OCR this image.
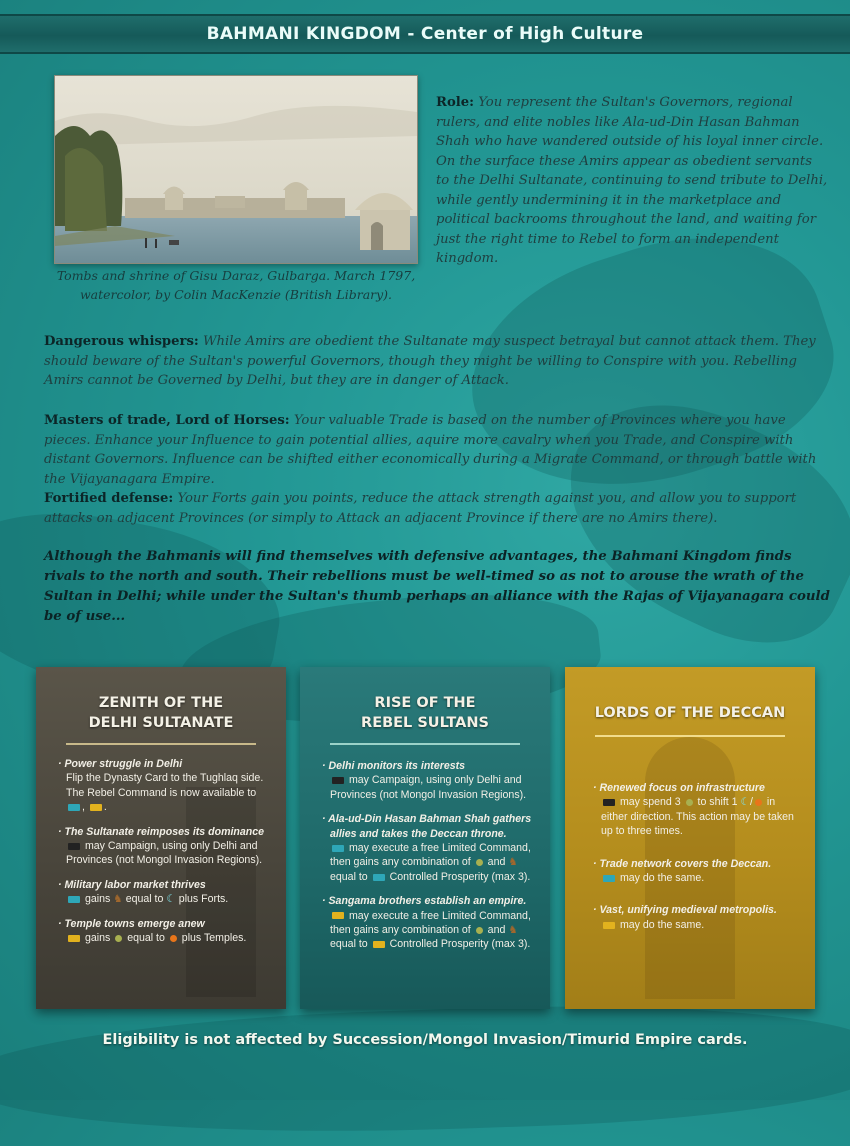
BAHMANI KINGDOM - Center of High Culture
Tombs and shrine of Gisu Daraz, Gulbarga. March 1797,
watercolor, by Colin MacKenzie (British Library).
Role: You represent the Sultan's Governors, regional rulers, and elite nobles like Ala-ud-Din Hasan Bahman Shah who have wandered outside of his loyal inner circle. On the surface these Amirs appear as obedient servants to the Delhi Sultanate, continuing to send tribute to Delhi, while gently undermining it in the marketplace and political backrooms throughout the land, and waiting for just the right time to Rebel to form an independent kingdom.
Dangerous whispers: While Amirs are obedient the Sultanate may suspect betrayal but cannot attack them. They should beware of the Sultan's powerful Governors, though they might be willing to Conspire with you. Rebelling Amirs cannot be Governed by Delhi, but they are in danger of Attack.
Masters of trade, Lord of Horses: Your valuable Trade is based on the number of Provinces where you have pieces. Enhance your Influence to gain potential allies, aquire more cavalry when you Trade, and Conspire with distant Governors. Influence can be shifted either economically during a Migrate Command, or through battle with the Vijayanagara Empire.
Fortified defense: Your Forts gain you points, reduce the attack strength against you, and allow you to support attacks on adjacent Provinces (or simply to Attack an adjacent Province if there are no Amirs there).
Although the Bahmanis will find themselves with defensive advantages, the Bahmani Kingdom finds rivals to the north and south. Their rebellions must be well-timed so as not to arouse the wrath of the Sultan in Delhi; while under the Sultan's thumb perhaps an alliance with the Rajas of Vijayanagara could be of use...
ZENITH OF THE
DELHI SULTANATE
· Power struggle in Delhi
Flip the Dynasty Card to the Tughlaq side.
The Rebel Command is now available to , .
· The Sultanate reimposes its dominance
may Campaign, using only Delhi and
Provinces (not Mongol Invasion Regions).
· Military labor market thrives
gains ♞ equal to ☾ plus Forts.
· Temple towns emerge anew
gains equal to plus Temples.
RISE OF THE
REBEL SULTANS
· Delhi monitors its interests
may Campaign, using only Delhi and
Provinces (not Mongol Invasion Regions).
· Ala-ud-Din Hasan Bahman Shah gathers
allies and takes the Deccan throne.
may execute a free Limited Command,
then gains any combination of and ♞
equal to Controlled Prosperity (max 3).
· Sangama brothers establish an empire.
may execute a free Limited Command,
then gains any combination of and ♞
equal to Controlled Prosperity (max 3).
LORDS OF THE DECCAN
· Renewed focus on infrastructure
may spend 3 to shift 1 ☾/ in
either direction. This action may be taken
up to three times.
· Trade network covers the Deccan.
may do the same.
· Vast, unifying medieval metropolis.
may do the same.
Eligibility is not affected by Succession/Mongol Invasion/Timurid Empire cards.
